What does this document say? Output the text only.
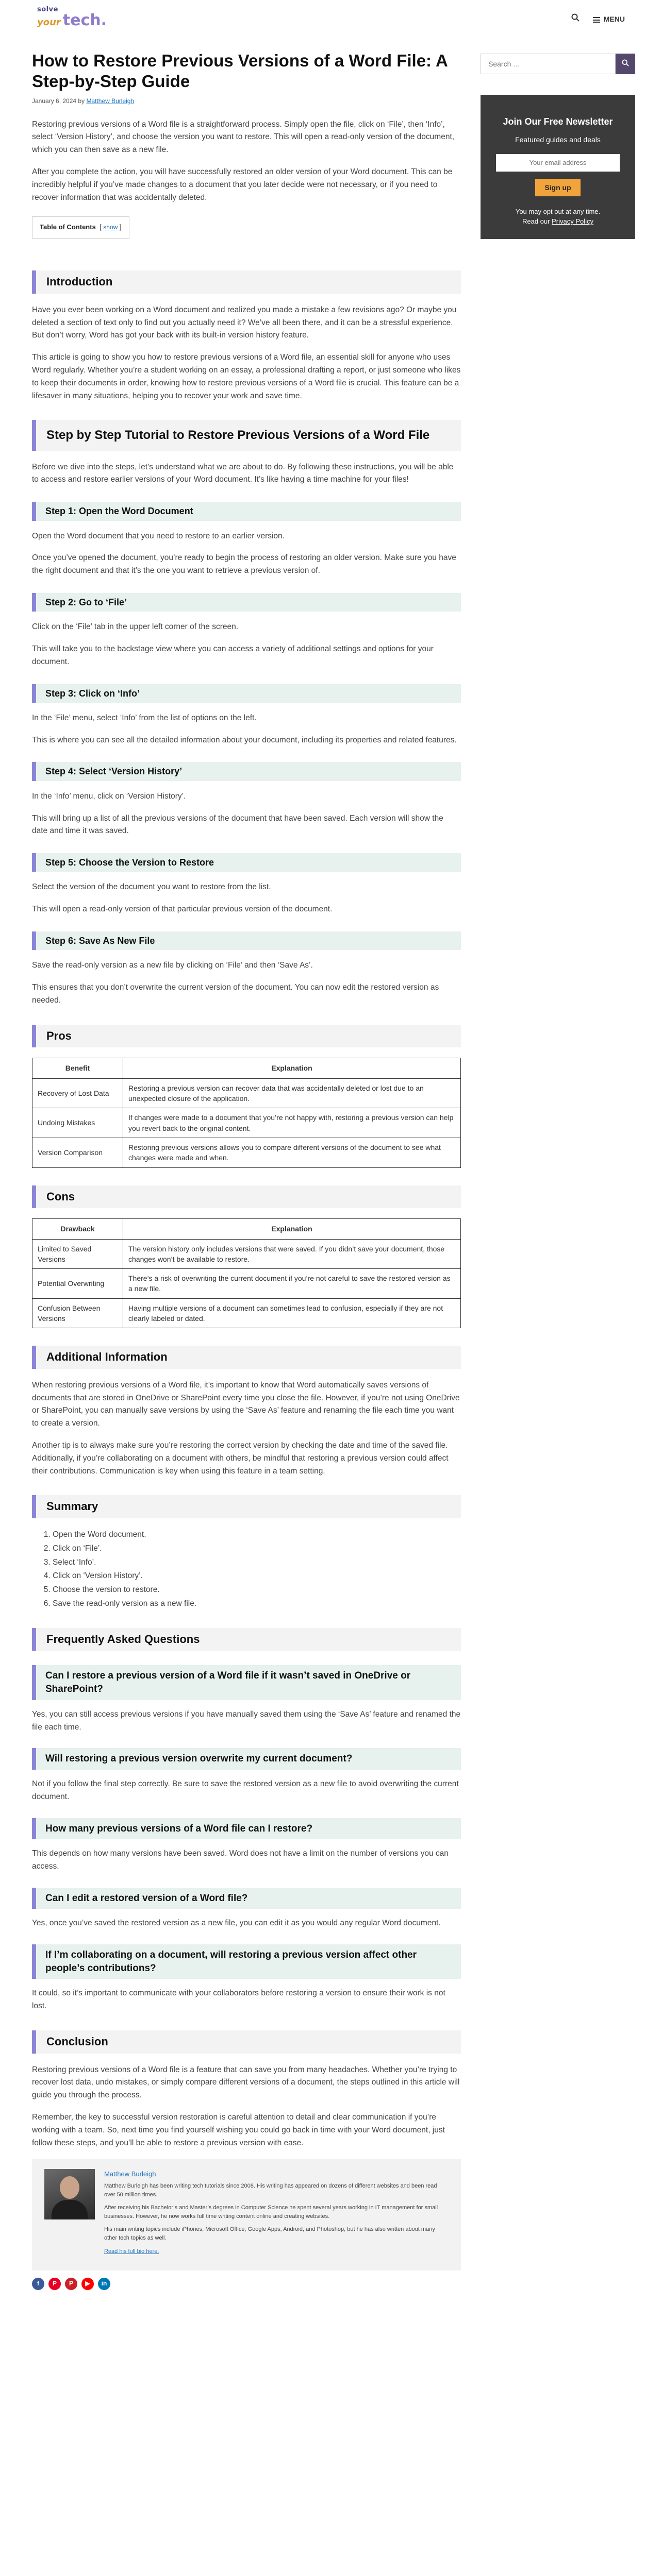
solve
your tech.	MENU
How to Restore Previous Versions of a Word File: A Step-by-Step Guide
January 6, 2024 by Matthew Burleigh

Restoring previous versions of a Word file is a straightforward process. Simply open the file, click on ‘File’, then ‘Info’, select ‘Version History’, and choose the version you want to restore. This will open a read-only version of the document, which you can then save as a new file.

After you complete the action, you will have successfully restored an older version of your Word document. This can be incredibly helpful if you’ve made changes to a document that you later decide were not necessary, or if you need to recover information that was accidentally deleted.

Table of Contents  [ show ]
Introduction

Have you ever been working on a Word document and realized you made a mistake a few revisions ago? Or maybe you deleted a section of text only to find out you actually need it? We’ve all been there, and it can be a stressful experience. But don’t worry, Word has got your back with its built-in version history feature.

This article is going to show you how to restore previous versions of a Word file, an essential skill for anyone who uses Word regularly. Whether you’re a student working on an essay, a professional drafting a report, or just someone who likes to keep their documents in order, knowing how to restore previous versions of a Word file is crucial. This feature can be a lifesaver in many situations, helping you to recover your work and save time.

Step by Step Tutorial to Restore Previous Versions of a Word File

Before we dive into the steps, let’s understand what we are about to do. By following these instructions, you will be able to access and restore earlier versions of your Word document. It’s like having a time machine for your files!

Step 1: Open the Word Document

Open the Word document that you need to restore to an earlier version.

Once you’ve opened the document, you’re ready to begin the process of restoring an older version. Make sure you have the right document and that it’s the one you want to retrieve a previous version of.

Step 2: Go to ‘File’

Click on the ‘File’ tab in the upper left corner of the screen.

This will take you to the backstage view where you can access a variety of additional settings and options for your document.

Step 3: Click on ‘Info’

In the ‘File’ menu, select ‘Info’ from the list of options on the left.

This is where you can see all the detailed information about your document, including its properties and related features.

Step 4: Select ‘Version History’

In the ‘Info’ menu, click on ‘Version History’.

This will bring up a list of all the previous versions of the document that have been saved. Each version will show the date and time it was saved.

Step 5: Choose the Version to Restore

Select the version of the document you want to restore from the list.

This will open a read-only version of that particular previous version of the document.

Step 6: Save As New File

Save the read-only version as a new file by clicking on ‘File’ and then ‘Save As’.

This ensures that you don’t overwrite the current version of the document. You can now edit the restored version as needed.

Pros
Benefit	Explanation
Recovery of Lost Data	Restoring a previous version can recover data that was accidentally deleted or lost due to an unexpected closure of the application.
Undoing Mistakes	If changes were made to a document that you’re not happy with, restoring a previous version can help you revert back to the original content.
Version Comparison	Restoring previous versions allows you to compare different versions of the document to see what changes were made and when.
Cons
Drawback	Explanation
Limited to Saved Versions	The version history only includes versions that were saved. If you didn’t save your document, those changes won’t be available to restore.
Potential Overwriting	There’s a risk of overwriting the current document if you’re not careful to save the restored version as a new file.
Confusion Between Versions	Having multiple versions of a document can sometimes lead to confusion, especially if they are not clearly labeled or dated.
Additional Information

When restoring previous versions of a Word file, it’s important to know that Word automatically saves versions of documents that are stored in OneDrive or SharePoint every time you close the file. However, if you’re not using OneDrive or SharePoint, you can manually save versions by using the ‘Save As’ feature and renaming the file each time you want to create a version.

Another tip is to always make sure you’re restoring the correct version by checking the date and time of the saved file. Additionally, if you’re collaborating on a document with others, be mindful that restoring a previous version could affect their contributions. Communication is key when using this feature in a team setting.

Summary
1. Open the Word document.
2. Click on ‘File’.
3. Select ‘Info’.
4. Click on ‘Version History’.
5. Choose the version to restore.
6. Save the read-only version as a new file.
Frequently Asked Questions
Can I restore a previous version of a Word file if it wasn’t saved in OneDrive or SharePoint?

Yes, you can still access previous versions if you have manually saved them using the ‘Save As’ feature and renamed the file each time.

Will restoring a previous version overwrite my current document?

Not if you follow the final step correctly. Be sure to save the restored version as a new file to avoid overwriting the current document.

How many previous versions of a Word file can I restore?

This depends on how many versions have been saved. Word does not have a limit on the number of versions you can access.

Can I edit a restored version of a Word file?

Yes, once you’ve saved the restored version as a new file, you can edit it as you would any regular Word document.

If I’m collaborating on a document, will restoring a previous version affect other people’s contributions?

It could, so it’s important to communicate with your collaborators before restoring a version to ensure their work is not lost.

Conclusion

Restoring previous versions of a Word file is a feature that can save you from many headaches. Whether you’re trying to recover lost data, undo mistakes, or simply compare different versions of a document, the steps outlined in this article will guide you through the process.

Remember, the key to successful version restoration is careful attention to detail and clear communication if you’re working with a team. So, next time you find yourself wishing you could go back in time with your Word document, just follow these steps, and you’ll be able to restore a previous version with ease.

Matthew Burleigh

Matthew Burleigh has been writing tech tutorials since 2008. His writing has appeared on dozens of different websites and been read over 50 million times.

After receiving his Bachelor’s and Master’s degrees in Computer Science he spent several years working in IT management for small businesses. However, he now works full time writing content online and creating websites.

His main writing topics include iPhones, Microsoft Office, Google Apps, Android, and Photoshop, but he has also written about many other tech topics as well.

Read his full bio here.

f	P	P	▶	in
Search ...
Join Our Free Newsletter
Featured guides and deals
Your email address Sign up
You may opt out at any time.
Read our Privacy Policy
